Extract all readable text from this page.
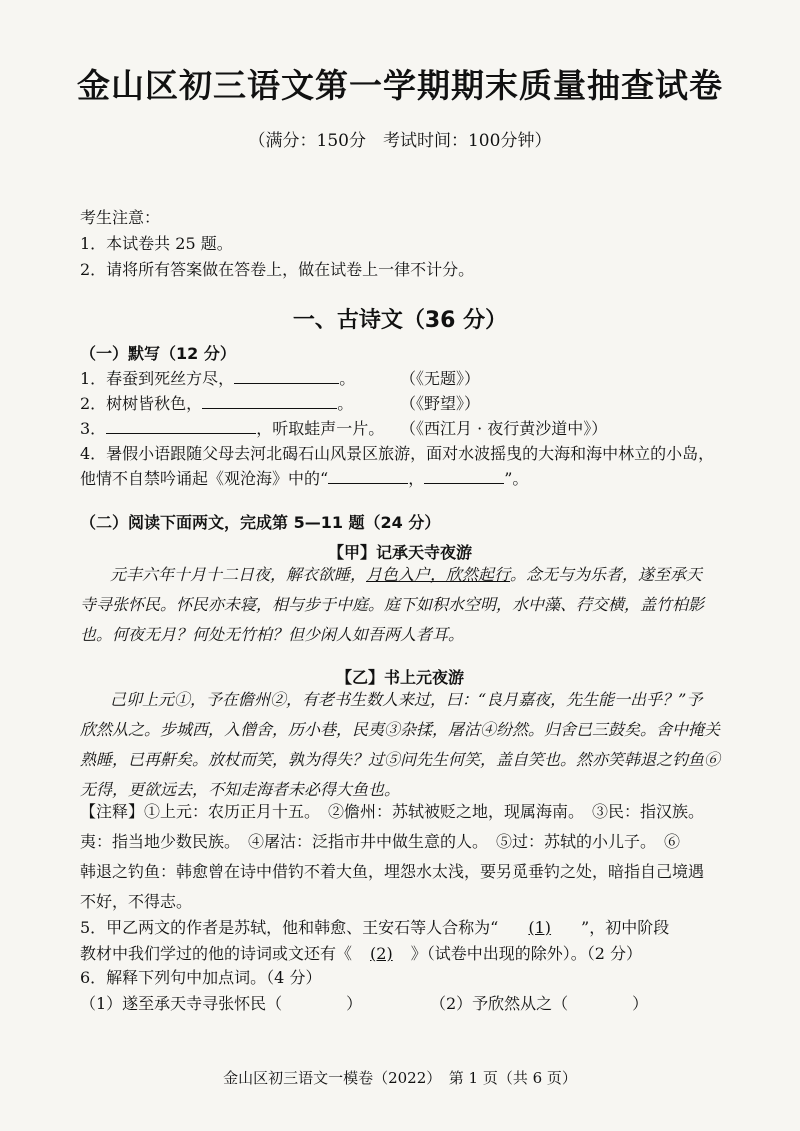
金山区初三语文第一学期期末质量抽查试卷
（满分：150分　考试时间：100分钟）
考生注意：
1．本试卷共 25 题。
2．请将所有答案做在答卷上，做在试卷上一律不计分。
一、古诗文（36 分）
（一）默写（12 分）
1．春蚕到死丝方尽，	。	（《无题》）
2．树树皆秋色，	。	（《野望》）
3．	，听取蛙声一片。 （《西江月 · 夜行黄沙道中》）
4．暑假小语跟随父母去河北碣石山风景区旅游，面对水波摇曳的大海和海中林立的小岛，
他情不自禁吟诵起《观沧海》中的“	，	”。
（二）阅读下面两文，完成第 5—11 题（24 分）
【甲】记承天寺夜游
元丰六年十月十二日夜，解衣欲睡，月色入户，欣然起行。念无与为乐者，遂至承天
寺寻张怀民。怀民亦未寝，相与步于中庭。庭下如积水空明，水中藻、荇交横，盖竹柏影
也。何夜无月？何处无竹柏？但少闲人如吾两人者耳。
【乙】书上元夜游
己卯上元①，予在儋州②，有老书生数人来过，曰：“良月嘉夜，先生能一出乎？”予
欣然从之。步城西，入僧舍，历小巷，民夷③杂揉，屠沽④纷然。归舍已三鼓矣。舍中掩关
熟睡，已再鼾矣。放杖而笑，孰为得失？过⑤问先生何笑，盖自笑也。然亦笑韩退之钓鱼⑥
无得，更欲远去，不知走海者未必得大鱼也。
【注释】①上元：农历正月十五。　②儋州：苏轼被贬之地，现属海南。　③民：指汉族。
夷：指当地少数民族。　④屠沽：泛指市井中做生意的人。　⑤过：苏轼的小儿子。　⑥
韩退之钓鱼：韩愈曾在诗中借钓不着大鱼，埋怨水太浅，要另觅垂钓之处，暗指自己境遇
不好，不得志。
5．甲乙两文的作者是苏轼，他和韩愈、王安石等人合称为“ (1) ”，初中阶段
教材中我们学过的他的诗词或文还有《 (2) 》（试卷中出现的除外）。（2 分）
6．解释下列句中加点词。（4 分）
（1）遂至承天寺寻张怀民（　　　　）	（2）予欣然从之（　　　　）
金山区初三语文一模卷（2022）　第 1 页（共 6 页）
